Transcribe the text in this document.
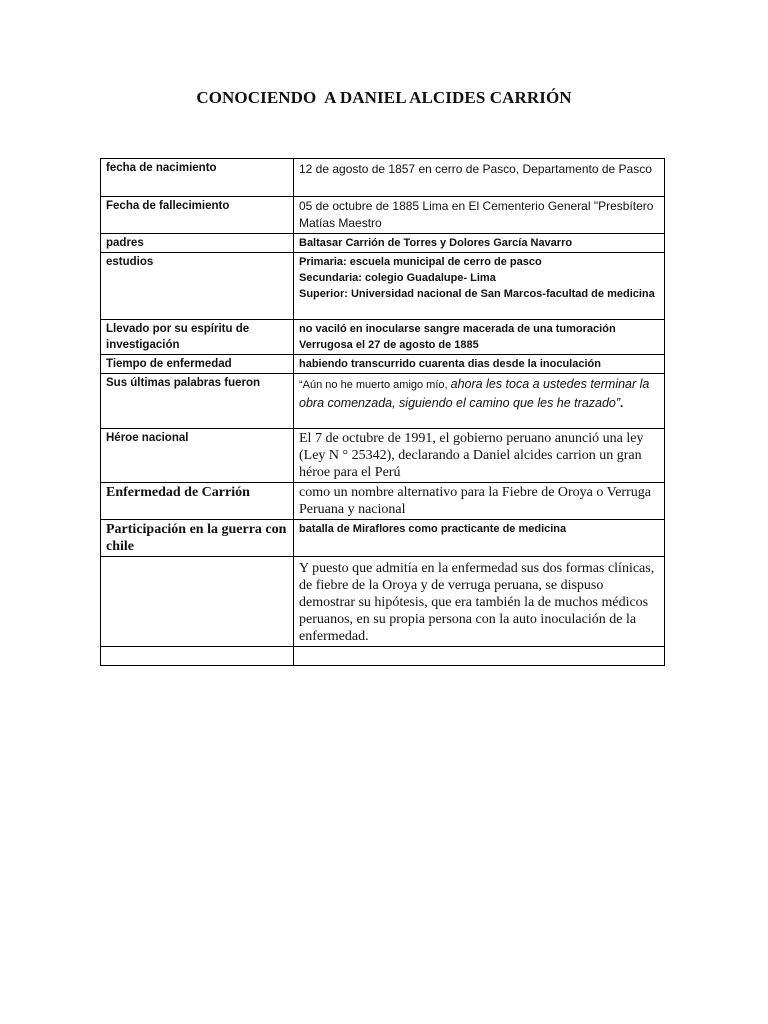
CONOCIENDO  A DANIEL ALCIDES CARRIÓN
fecha de nacimiento	12 de agosto de 1857 en cerro de Pasco, Departamento de Pasco
Fecha de fallecimiento	05 de octubre de 1885 Lima en El Cementerio General "Presbítero Matías Maestro
padres	Baltasar Carrión de Torres y Dolores García Navarro
estudios	Primaria: escuela municipal de cerro de pasco
Secundaria: colegio Guadalupe- Lima
Superior: Universidad nacional de San Marcos-facultad de medicina

Llevado por su espíritu de investigación	no vaciló en inocularse sangre macerada de una tumoración Verrugosa el 27 de agosto de 1885
Tiempo de enfermedad	habiendo transcurrido cuarenta dias desde la inoculación
Sus últimas palabras fueron	“Aún no he muerto amigo mío, ahora les toca a ustedes terminar la obra comenzada, siguiendo el camino que les he trazado”.
Héroe nacional	El 7 de octubre de 1991, el gobierno peruano anunció una ley (Ley N ° 25342), declarando a Daniel alcides carrion un gran héroe para el Perú
Enfermedad de Carrión	como un nombre alternativo para la Fiebre de Oroya o Verruga Peruana y nacional
Participación en la guerra con chile	batalla de Miraflores como practicante de medicina
	Y puesto que admitía en la enfermedad sus dos formas clínicas, de fiebre de la Oroya y de verruga peruana, se dispuso demostrar su hipótesis, que era también la de muchos médicos peruanos, en su propia persona con la auto inoculación de la enfermedad.
